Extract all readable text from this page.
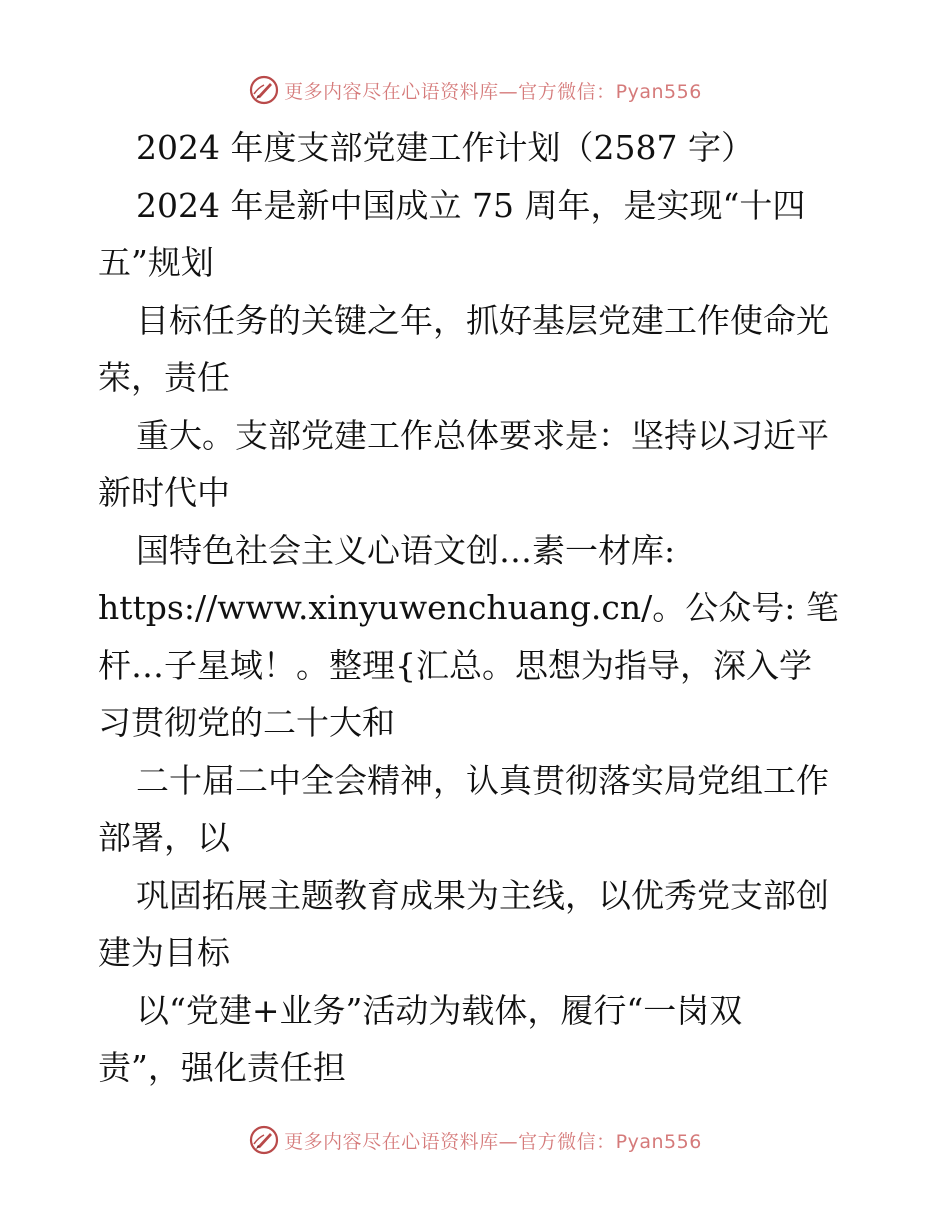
更多内容尽在心语资料库—官方微信：Pyan556
2024 年度支部党建工作计划（2587 字）
2024 年是新中国成立 75 周年，是实现“十四
五”规划
目标任务的关键之年，抓好基层党建工作使命光
荣，责任
重大。支部党建工作总体要求是：坚持以习近平
新时代中
国特色社会主义心语文创…素一材库:
https://www.xinyuwenchuang.cn/。公众号: 笔
杆…子星域！。整理{汇总。思想为指导，深入学
习贯彻党的二十大和
二十届二中全会精神，认真贯彻落实局党组工作
部署，以
巩固拓展主题教育成果为主线，以优秀党支部创
建为目标
以“党建+业务”活动为载体，履行“一岗双
责”，强化责任担
更多内容尽在心语资料库—官方微信：Pyan556
